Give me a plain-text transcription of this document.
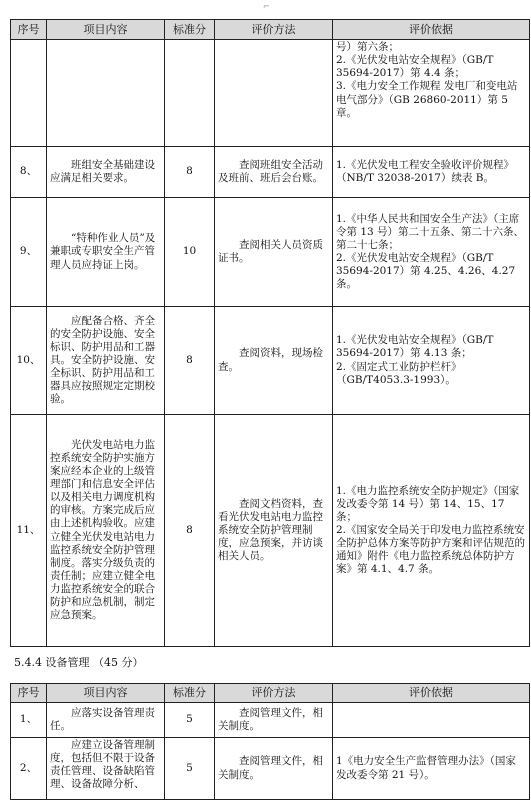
⌐
序号	项目内容	标准分	评价方法	评价依据
				号）第六条；
2.《光伏发电站安全规程》（GB/T 35694-2017）第 4.4 条；
3.《电力安全工作规程 发电厂和变电站电气部分》（GB 26860-2011）第 5 章。
8、	班组安全基础建设应满足相关要求。	8	查阅班组安全活动及班前、班后会台账。	1.《光伏发电工程安全验收评价规程》（NB/T 32038-2017）续表 B。
9、	“特种作业人员”及兼职或专职安全生产管理人员应持证上岗。	10	查阅相关人员资质证书。	1.《中华人民共和国安全生产法》（主席令第 13 号）第二十五条、第二十六条、第二十七条；
2.《光伏发电站安全规程》（GB/T 35694-2017）第 4.25、4.26、4.27 条。
10、	应配备合格、齐全的安全防护设施、安全标识、防护用品和工器具。安全防护设施、安全标识、防护用品和工器具应按照规定定期校验。	8	查阅资料，现场检查。	1.《光伏发电站安全规程》（GB/T 35694-2017）第 4.13 条；
2.《固定式工业防护栏杆》（GB/T4053.3-1993）。
11、	光伏发电站电力监控系统安全防护实施方案应经本企业的上级管理部门和信息安全评估以及相关电力调度机构的审核。方案完成后应由上述机构验收。应建立健全光伏发电站电力监控系统安全防护管理制度。落实分级负责的责任制；应建立健全电力监控系统安全的联合防护和应急机制，制定应急预案。	8	查阅文档资料，查看光伏发电站电力监控系统安全防护管理制度，应急预案，并访谈相关人员。	1.《电力监控系统安全防护规定》（国家发改委令第 14 号）第 14、15、17 条；
2.《国家安全局关于印发电力监控系统安全防护总体方案等防护方案和评估规范的通知》附件《电力监控系统总体防护方案》第 4.1、4.7 条。
5.4.4 设备管理 （45 分）
序号	项目内容	标准分	评价方法	评价依据
1、	应落实设备管理责任。	5	查阅管理文件，相关制度。	
2、	应建立设备管理制度，包括但不限于设备责任管理、设备缺陷管理、设备故障分析、	5	查阅管理文件，相关制度。	1《电力安全生产监督管理办法》（国家发改委令第 21 号）。
